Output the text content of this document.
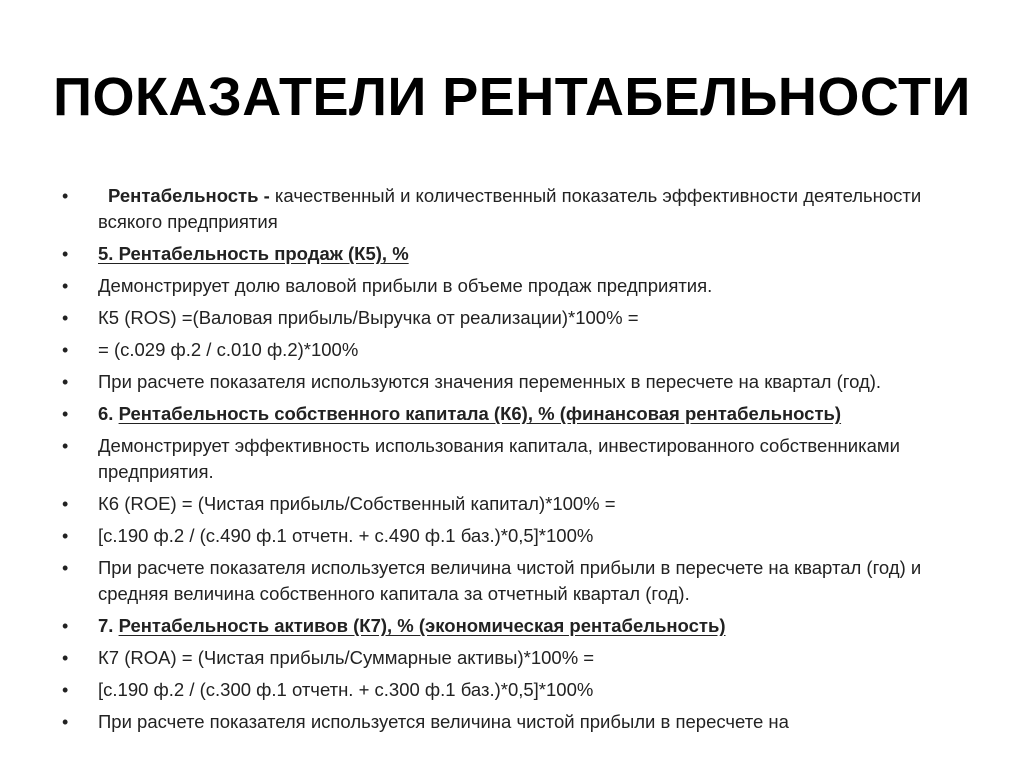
ПОКАЗАТЕЛИ РЕНТАБЕЛЬНОСТИ
•	Рентабельность - качественный и количественный показатель эффективности деятельности всякого предприятия
•	5. Рентабельность продаж (К5), %
•	Демонстрирует долю валовой прибыли в объеме продаж предприятия.
•	К5 (ROS) =(Валовая прибыль/Выручка от реализации)*100% =
•	= (с.029 ф.2 / с.010 ф.2)*100%
•	При расчете показателя используются значения переменных в пересчете на квартал (год).
•	6. Рентабельность собственного капитала (К6), % (финансовая рентабельность)
•	Демонстрирует эффективность использования капитала, инвестированного собственниками предприятия.
•	К6 (ROE) = (Чистая прибыль/Собственный капитал)*100% =
•	[с.190 ф.2 / (с.490 ф.1 отчетн. + с.490 ф.1 баз.)*0,5]*100%
•	При расчете показателя используется величина чистой прибыли в пересчете на квартал (год) и средняя величина собственного капитала за отчетный квартал (год).
•	7. Рентабельность активов (К7), % (экономическая рентабельность)
•	К7 (ROA) = (Чистая прибыль/Суммарные активы)*100% =
•	[с.190 ф.2 / (с.300 ф.1 отчетн. + с.300 ф.1 баз.)*0,5]*100%
•	При расчете показателя используется величина чистой прибыли в пересчете на
